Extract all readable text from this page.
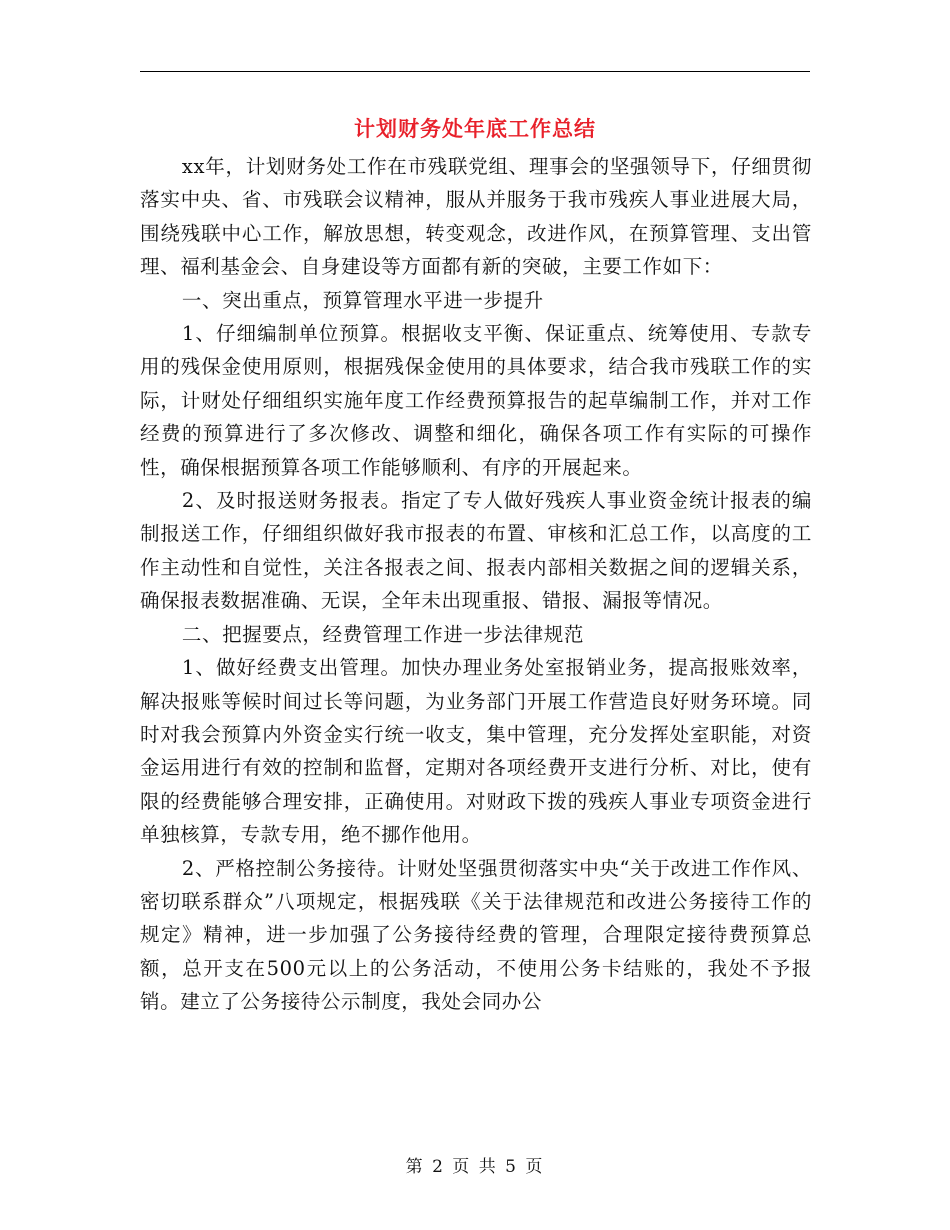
计划财务处年底工作总结

xx年，计划财务处工作在市残联党组、理事会的坚强领导下，仔细贯彻落实中央、省、市残联会议精神，服从并服务于我市残疾人事业进展大局，围绕残联中心工作，解放思想，转变观念，改进作风，在预算管理、支出管理、福利基金会、自身建设等方面都有新的突破，主要工作如下：

一、突出重点，预算管理水平进一步提升

1、仔细编制单位预算。根据收支平衡、保证重点、统筹使用、专款专用的残保金使用原则，根据残保金使用的具体要求，结合我市残联工作的实际，计财处仔细组织实施年度工作经费预算报告的起草编制工作，并对工作经费的预算进行了多次修改、调整和细化，确保各项工作有实际的可操作性，确保根据预算各项工作能够顺利、有序的开展起来。

2、及时报送财务报表。指定了专人做好残疾人事业资金统计报表的编制报送工作，仔细组织做好我市报表的布置、审核和汇总工作，以高度的工作主动性和自觉性，关注各报表之间、报表内部相关数据之间的逻辑关系，确保报表数据准确、无误，全年未出现重报、错报、漏报等情况。

二、把握要点，经费管理工作进一步法律规范

1、做好经费支出管理。加快办理业务处室报销业务，提高报账效率，解决报账等候时间过长等问题，为业务部门开展工作营造良好财务环境。同时对我会预算内外资金实行统一收支，集中管理，充分发挥处室职能，对资金运用进行有效的控制和监督，定期对各项经费开支进行分析、对比，使有限的经费能够合理安排，正确使用。对财政下拨的残疾人事业专项资金进行单独核算，专款专用，绝不挪作他用。

2、严格控制公务接待。计财处坚强贯彻落实中央“关于改进工作作风、密切联系群众”八项规定，根据残联《关于法律规范和改进公务接待工作的规定》精神，进一步加强了公务接待经费的管理，合理限定接待费预算总额，总开支在500元以上的公务活动，不使用公务卡结账的，我处不予报销。建立了公务接待公示制度，我处会同办公

第 2 页 共 5 页
